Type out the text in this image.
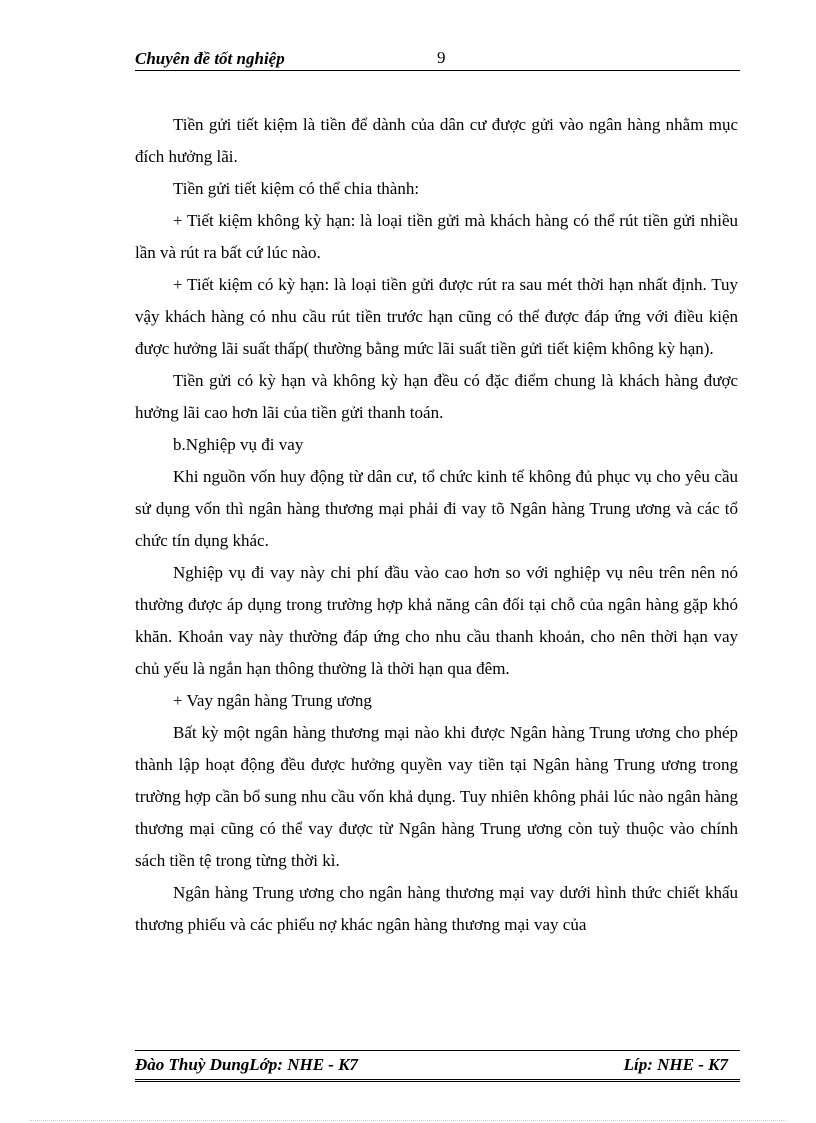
Chuyên đề tốt nghiệp	9

Tiền gửi tiết kiệm là tiền để dành của dân cư được gửi vào ngân hàng nhằm mục đích hưởng lãi.

Tiền gửi tiết kiệm có thể chia thành:

+ Tiết kiệm không kỳ hạn: là loại tiền gửi mà khách hàng có thể rút tiền gửi nhiều lần và rút ra bất cứ lúc nào.

+ Tiết kiệm có kỳ hạn: là loại tiền gửi được rút ra sau mét thời hạn nhất định. Tuy vậy khách hàng có nhu cầu rút tiền trước hạn cũng có thể được đáp ứng với điều kiện được hưởng lãi suất thấp( thường bằng mức lãi suất tiền gửi tiết kiệm không kỳ hạn).

Tiền gửi có kỳ hạn và không kỳ hạn đều có đặc điểm chung là khách hàng được hưởng lãi cao hơn lãi của tiền gửi thanh toán.

b.Nghiệp vụ đi vay

Khi nguồn vốn huy động từ dân cư, tổ chức kinh tế không đủ phục vụ cho yêu cầu sử dụng vốn thì ngân hàng thương mại phải đi vay tõ Ngân hàng Trung ương và các tổ chức tín dụng khác.

Nghiệp vụ đi vay này chi phí đầu vào cao hơn so với nghiệp vụ nêu trên nên nó thường được áp dụng trong trường hợp khả năng cân đối tại chỗ của ngân hàng gặp khó khăn. Khoản vay này thường đáp ứng cho nhu cầu thanh khoản, cho nên thời hạn vay chủ yếu là ngắn hạn thông thường là thời hạn qua đêm.

+ Vay ngân hàng Trung ương

Bất kỳ một ngân hàng thương mại nào khi được Ngân hàng Trung ương cho phép thành lập hoạt động đều được hưởng quyền vay tiền tại Ngân hàng Trung ương trong trường hợp cần bổ sung nhu cầu vốn khả dụng. Tuy nhiên không phải lúc nào ngân hàng thương mại cũng có thể vay được từ Ngân hàng Trung ương còn tuỳ thuộc vào chính sách tiền tệ trong từng thời kì.

Ngân hàng Trung ương cho ngân hàng thương mại vay dưới hình thức chiết khấu thương phiếu và các phiếu nợ khác ngân hàng thương mại vay của

Đào Thuỳ DungLớp: NHE - K7	Líp: NHE - K7
